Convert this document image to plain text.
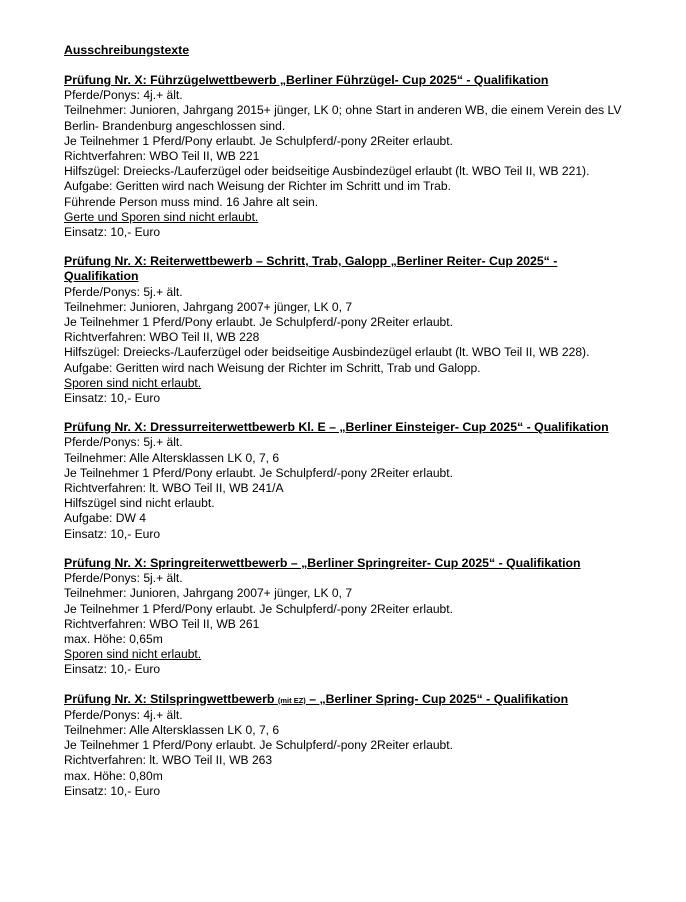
Ausschreibungstexte
Prüfung Nr. X: Führzügelwettbewerb „Berliner Führzügel- Cup 2025“ - Qualifikation
Pferde/Ponys: 4j.+ ält.
Teilnehmer: Junioren, Jahrgang 2015+ jünger, LK 0; ohne Start in anderen WB, die einem Verein des LV Berlin- Brandenburg angeschlossen sind.
Je Teilnehmer 1 Pferd/Pony erlaubt. Je Schulpferd/-pony 2Reiter erlaubt.
Richtverfahren: WBO Teil II, WB 221
Hilfszügel: Dreiecks-/Lauferzügel oder beidseitige Ausbindezügel erlaubt (lt. WBO Teil II, WB 221).
Aufgabe: Geritten wird nach Weisung der Richter im Schritt und im Trab.
Führende Person muss mind. 16 Jahre alt sein.
Gerte und Sporen sind nicht erlaubt.
Einsatz: 10,- Euro
Prüfung Nr. X: Reiterwettbewerb – Schritt, Trab, Galopp „Berliner Reiter- Cup 2025“ - Qualifikation
Pferde/Ponys: 5j.+ ält.
Teilnehmer: Junioren, Jahrgang 2007+ jünger, LK 0, 7
Je Teilnehmer 1 Pferd/Pony erlaubt. Je Schulpferd/-pony 2Reiter erlaubt.
Richtverfahren: WBO Teil II, WB 228
Hilfszügel: Dreiecks-/Lauferzügel oder beidseitige Ausbindezügel erlaubt (lt. WBO Teil II, WB 228).
Aufgabe: Geritten wird nach Weisung der Richter im Schritt, Trab und Galopp.
Sporen sind nicht erlaubt.
Einsatz: 10,- Euro
Prüfung Nr. X: Dressurreiterwettbewerb Kl. E – „Berliner Einsteiger- Cup 2025“ - Qualifikation
Pferde/Ponys: 5j.+ ält.
Teilnehmer: Alle Altersklassen LK 0, 7, 6
Je Teilnehmer 1 Pferd/Pony erlaubt. Je Schulpferd/-pony 2Reiter erlaubt.
Richtverfahren: lt. WBO Teil II, WB 241/A
Hilfszügel sind nicht erlaubt.
Aufgabe: DW 4
Einsatz: 10,- Euro
Prüfung Nr. X: Springreiterwettbewerb – „Berliner Springreiter- Cup 2025“ - Qualifikation
Pferde/Ponys: 5j.+ ält.
Teilnehmer: Junioren, Jahrgang 2007+ jünger, LK 0, 7
Je Teilnehmer 1 Pferd/Pony erlaubt. Je Schulpferd/-pony 2Reiter erlaubt.
Richtverfahren: WBO Teil II, WB 261
max. Höhe: 0,65m
Sporen sind nicht erlaubt.
Einsatz: 10,- Euro
Prüfung Nr. X: Stilspringwettbewerb (mit EZ) – „Berliner Spring- Cup 2025“ - Qualifikation
Pferde/Ponys: 4j.+ ält.
Teilnehmer: Alle Altersklassen LK 0, 7, 6
Je Teilnehmer 1 Pferd/Pony erlaubt. Je Schulpferd/-pony 2Reiter erlaubt.
Richtverfahren: lt. WBO Teil II, WB 263
max. Höhe: 0,80m
Einsatz: 10,- Euro
